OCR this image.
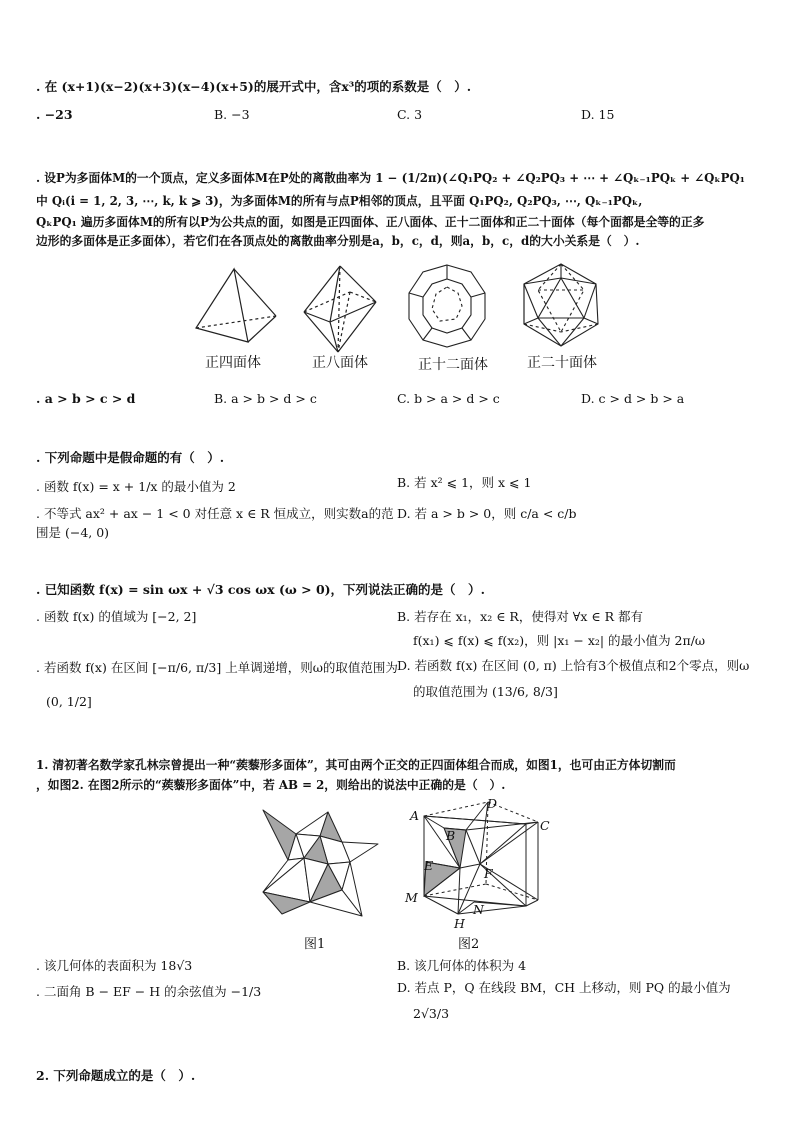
. 在 (x+1)(x−2)(x+3)(x−4)(x+5)的展开式中，含x³的项的系数是（　）.
. −23	B. −3	C. 3	D. 15
. 设P为多面体M的一个顶点，定义多面体M在P处的离散曲率为 1 − (1/2π)(∠Q₁PQ₂ + ∠Q₂PQ₃ + ⋯ + ∠Qₖ₋₁PQₖ + ∠QₖPQ₁
中 Qᵢ(i = 1, 2, 3, ⋯, k, k ⩾ 3)，为多面体M的所有与点P相邻的顶点，且平面 Q₁PQ₂, Q₂PQ₃, ⋯, Qₖ₋₁PQₖ,
QₖPQ₁ 遍历多面体M的所有以P为公共点的面，如图是正四面体、正八面体、正十二面体和正二十面体（每个面都是全等的正多
边形的多面体是正多面体），若它们在各顶点处的离散曲率分别是a，b，c，d，则a，b，c，d的大小关系是（　）.
正四面体	正八面体	正十二面体	正二十面体
. a > b > c > d	B. a > b > d > c	C. b > a > d > c	D. c > d > b > a
. 下列命题中是假命题的有（　）.
. 函数 f(x) = x + 1/x 的最小值为 2	B. 若 x² ⩽ 1，则 x ⩽ 1
. 不等式 ax² + ax − 1 < 0 对任意 x ∈ R 恒成立，则实数a的范
围是 (−4, 0)
D. 若 a > b > 0，则 c/a < c/b
. 已知函数 f(x) = sin ωx + √3 cos ωx (ω > 0)，下列说法正确的是（　）.
. 函数 f(x) 的值域为 [−2, 2]	B. 若存在 x₁，x₂ ∈ R，使得对 ∀x ∈ R 都有
f(x₁) ⩽ f(x) ⩽ f(x₂)，则 |x₁ − x₂| 的最小值为 2π/ω
. 若函数 f(x) 在区间 [−π/6, π/3] 上单调递增，则ω的取值范围为
(0, 1/2]
D. 若函数 f(x) 在区间 (0, π) 上恰有3个极值点和2个零点，则ω
的取值范围为 (13/6, 8/3]
1. 清初著名数学家孔林宗曾提出一种“蒺藜形多面体”，其可由两个正交的正四面体组合而成，如图1，也可由正方体切割而
，如图2. 在图2所示的“蒺藜形多面体”中，若 AB = 2，则给出的说法中正确的是（　）.
图1
A
B
C
D
E
F
H
M
N
图2
. 该几何体的表面积为 18√3	B. 该几何体的体积为 4
. 二面角 B − EF − H 的余弦值为 −1/3	D. 若点 P，Q 在线段 BM，CH 上移动，则 PQ 的最小值为
2√3/3
2. 下列命题成立的是（　）.
